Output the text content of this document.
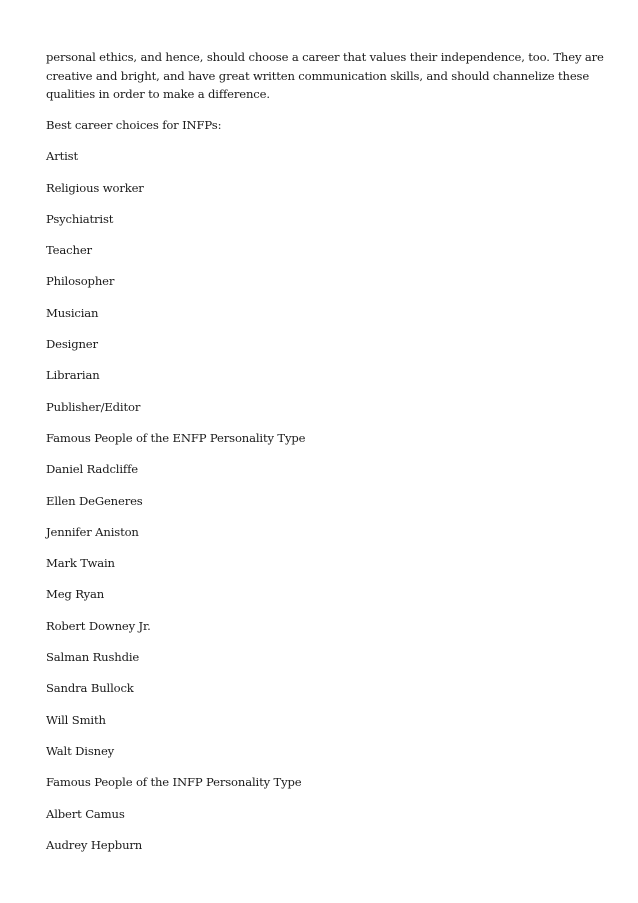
personal ethics, and hence, should choose a career that values their independence, too. They are creative and bright, and have great written communication skills, and should channelize these qualities in order to make a difference.

Best career choices for INFPs:

Artist

Religious worker

Psychiatrist

Teacher

Philosopher

Musician

Designer

Librarian

Publisher/Editor

Famous People of the ENFP Personality Type

Daniel Radcliffe

Ellen DeGeneres

Jennifer Aniston

Mark Twain

Meg Ryan

Robert Downey Jr.

Salman Rushdie

Sandra Bullock

Will Smith

Walt Disney

Famous People of the INFP Personality Type

Albert Camus

Audrey Hepburn
